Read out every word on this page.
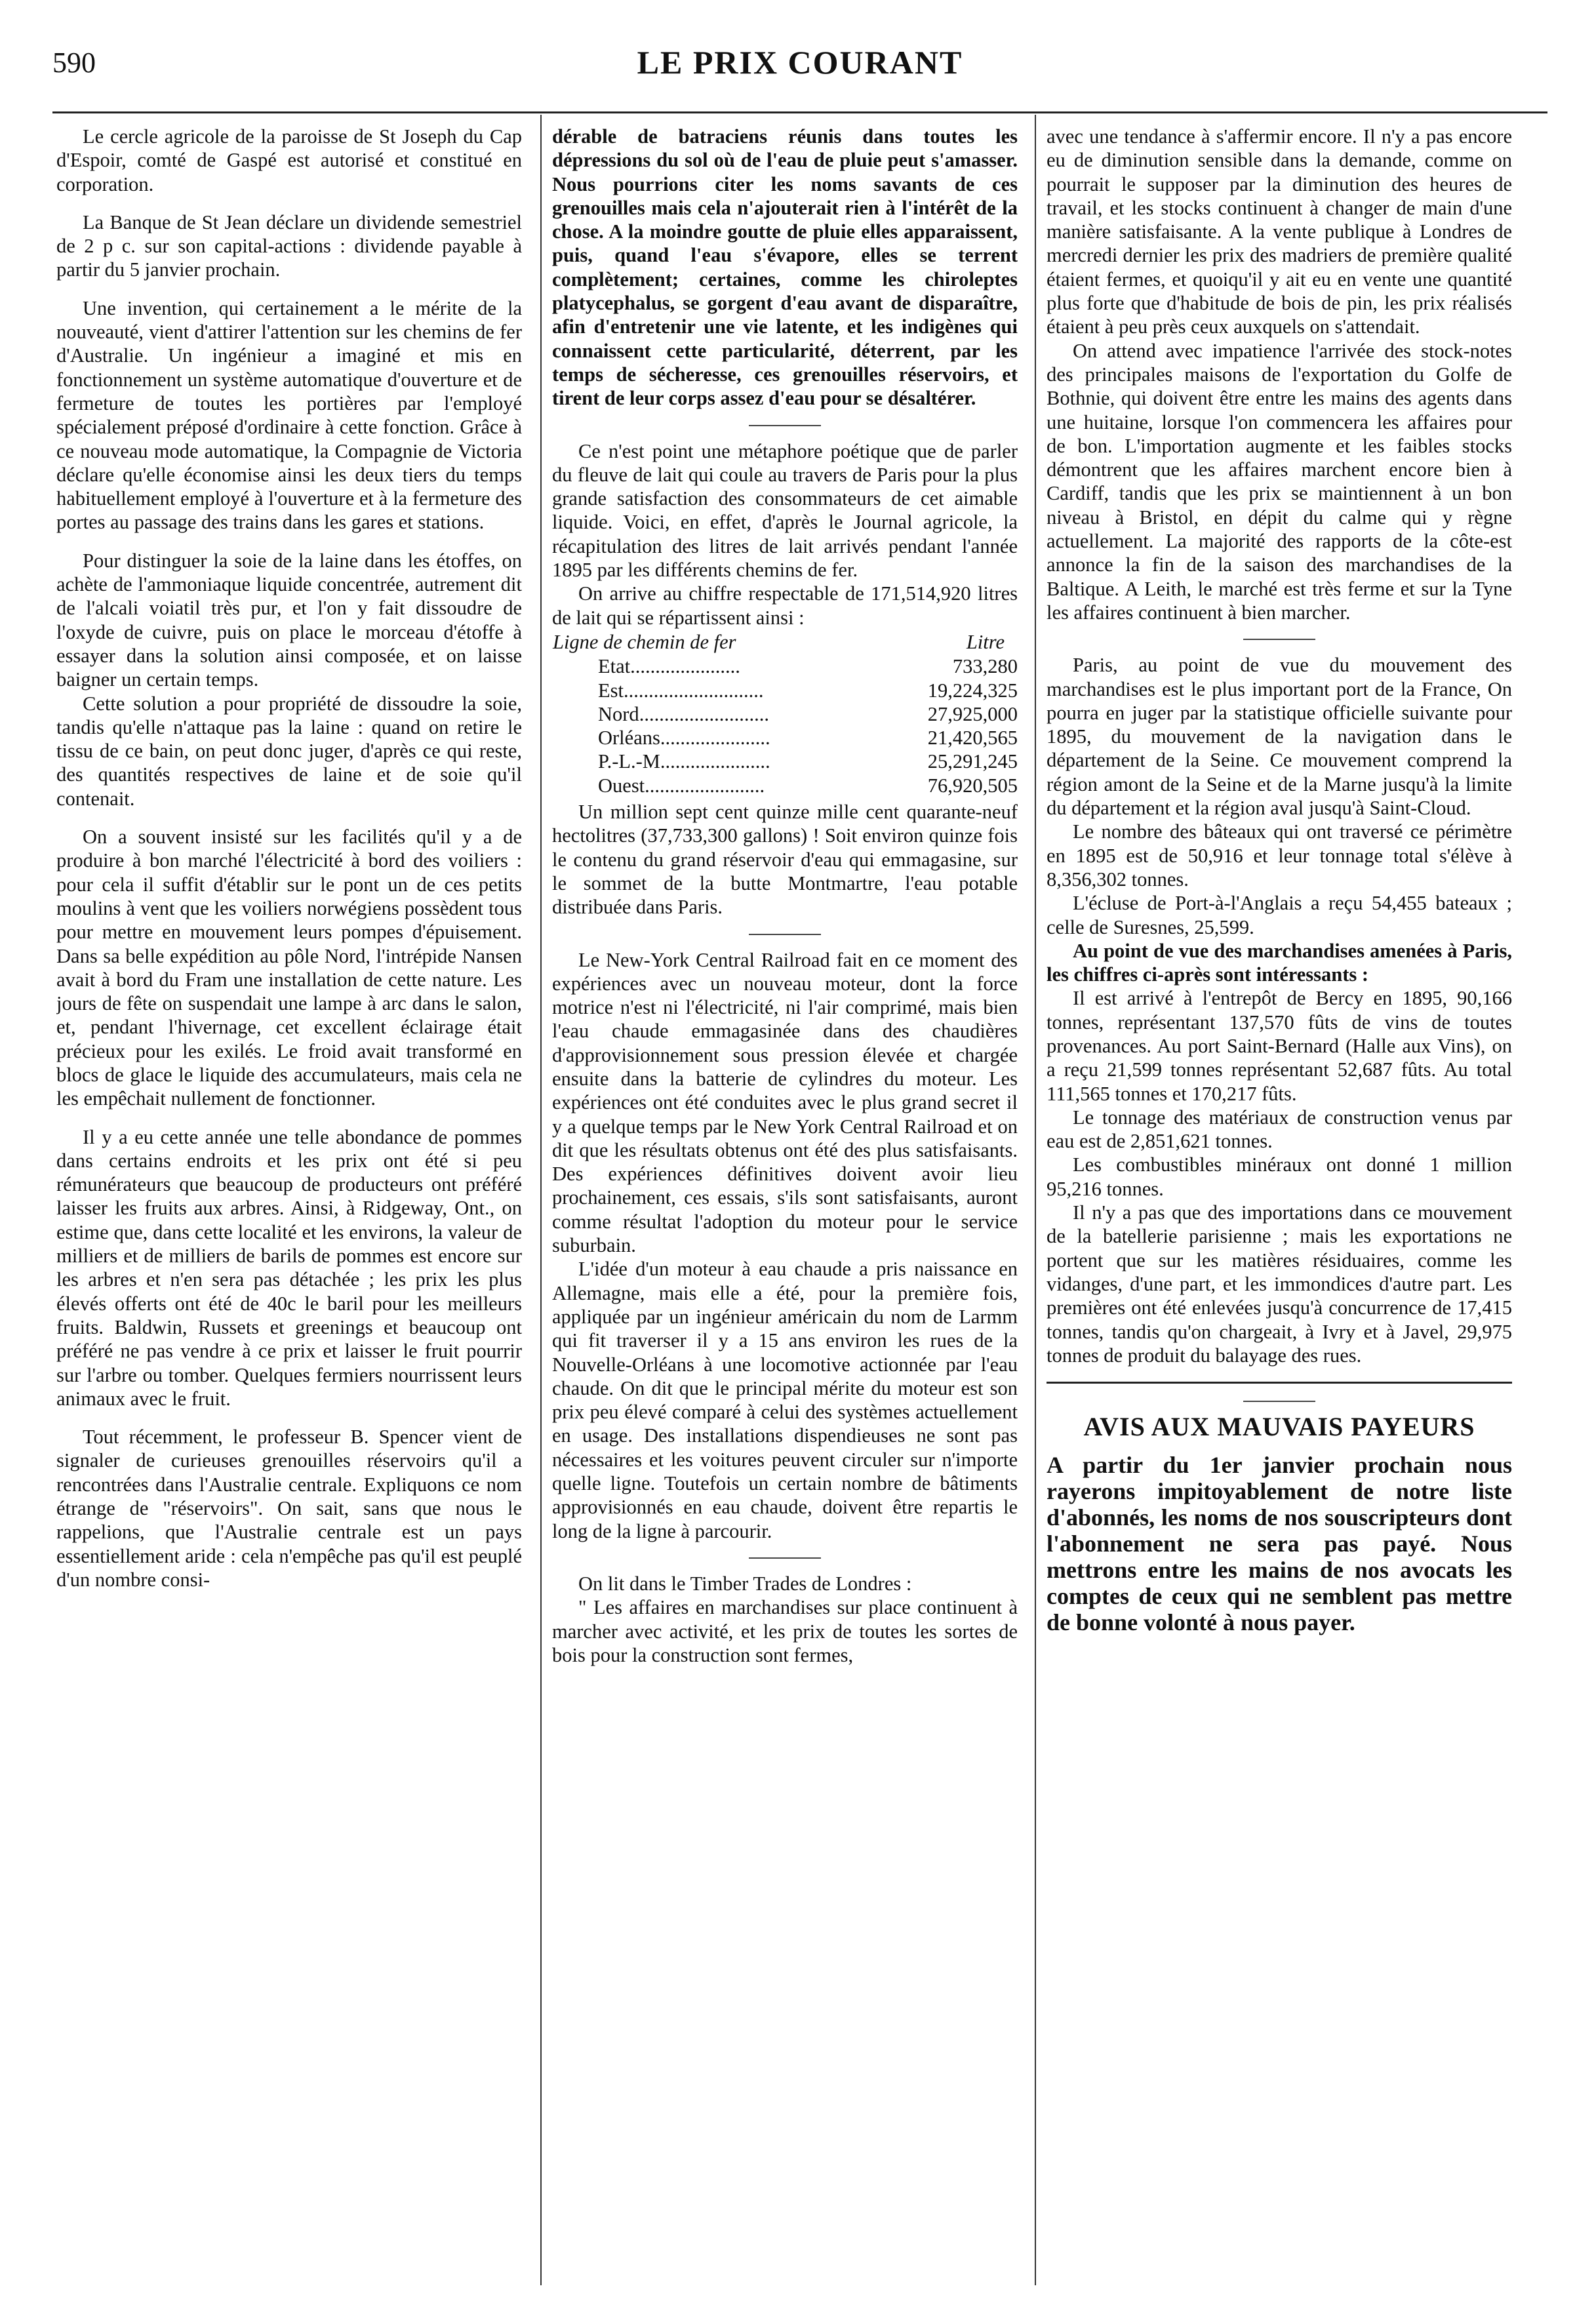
590	LE PRIX COURANT

Le cercle agricole de la paroisse de St Joseph du Cap d'Espoir, comté de Gaspé est autorisé et constitué en corporation.

La Banque de St Jean déclare un dividende semestriel de 2 p c. sur son capital-actions : dividende payable à partir du 5 janvier prochain.

Une invention, qui certainement a le mérite de la nouveauté, vient d'attirer l'attention sur les chemins de fer d'Australie. Un ingénieur a imaginé et mis en fonctionnement un système automatique d'ouverture et de fermeture de toutes les portières par l'employé spécialement préposé d'ordinaire à cette fonction. Grâce à ce nouveau mode automatique, la Compagnie de Victoria déclare qu'elle économise ainsi les deux tiers du temps habituellement employé à l'ouverture et à la fermeture des portes au passage des trains dans les gares et stations.

Pour distinguer la soie de la laine dans les étoffes, on achète de l'ammoniaque liquide concentrée, autrement dit de l'alcali voiatil très pur, et l'on y fait dissoudre de l'oxyde de cuivre, puis on place le morceau d'étoffe à essayer dans la solution ainsi composée, et on laisse baigner un certain temps.

Cette solution a pour propriété de dissoudre la soie, tandis qu'elle n'attaque pas la laine : quand on retire le tissu de ce bain, on peut donc juger, d'après ce qui reste, des quantités respectives de laine et de soie qu'il contenait.

On a souvent insisté sur les facilités qu'il y a de produire à bon marché l'électricité à bord des voiliers : pour cela il suffit d'établir sur le pont un de ces petits moulins à vent que les voiliers norwégiens possèdent tous pour mettre en mouvement leurs pompes d'épuisement. Dans sa belle expédition au pôle Nord, l'intrépide Nansen avait à bord du Fram une installation de cette nature. Les jours de fête on suspendait une lampe à arc dans le salon, et, pendant l'hivernage, cet excellent éclairage était précieux pour les exilés. Le froid avait transformé en blocs de glace le liquide des accumulateurs, mais cela ne les empêchait nullement de fonctionner.

Il y a eu cette année une telle abondance de pommes dans certains endroits et les prix ont été si peu rémunérateurs que beaucoup de producteurs ont préféré laisser les fruits aux arbres. Ainsi, à Ridgeway, Ont., on estime que, dans cette localité et les environs, la valeur de milliers et de milliers de barils de pommes est encore sur les arbres et n'en sera pas détachée ; les prix les plus élevés offerts ont été de 40c le baril pour les meilleurs fruits. Baldwin, Russets et greenings et beaucoup ont préféré ne pas vendre à ce prix et laisser le fruit pourrir sur l'arbre ou tomber. Quelques fermiers nourrissent leurs animaux avec le fruit.

Tout récemment, le professeur B. Spencer vient de signaler de curieuses grenouilles réservoirs qu'il a rencontrées dans l'Australie centrale. Expliquons ce nom étrange de "réservoirs". On sait, sans que nous le rappelions, que l'Australie centrale est un pays essentiellement aride : cela n'empêche pas qu'il est peuplé d'un nombre consi-

dérable de batraciens réunis dans toutes les dépressions du sol où de l'eau de pluie peut s'amasser. Nous pourrions citer les noms savants de ces grenouilles mais cela n'ajouterait rien à l'intérêt de la chose. A la moindre goutte de pluie elles apparaissent, puis, quand l'eau s'évapore, elles se terrent complètement; certaines, comme les chiroleptes platycephalus, se gorgent d'eau avant de disparaître, afin d'entretenir une vie latente, et les indigènes qui connaissent cette particularité, déterrent, par les temps de sécheresse, ces grenouilles réservoirs, et tirent de leur corps assez d'eau pour se désaltérer.

Ce n'est point une métaphore poétique que de parler du fleuve de lait qui coule au travers de Paris pour la plus grande satisfaction des consommateurs de cet aimable liquide. Voici, en effet, d'après le Journal agricole, la récapitulation des litres de lait arrivés pendant l'année 1895 par les différents chemins de fer.

On arrive au chiffre respectable de 171,514,920 litres de lait qui se répartissent ainsi :

Ligne de chemin de fer	Litre
Etat......................	733,280
Est............................	19,224,325
Nord..........................	27,925,000
Orléans......................	21,420,565
P.-L.-M......................	25,291,245
Ouest........................	76,920,505

Un million sept cent quinze mille cent quarante-neuf hectolitres (37,733,300 gallons) ! Soit environ quinze fois le contenu du grand réservoir d'eau qui emmagasine, sur le sommet de la butte Montmartre, l'eau potable distribuée dans Paris.

Le New-York Central Railroad fait en ce moment des expériences avec un nouveau moteur, dont la force motrice n'est ni l'électricité, ni l'air comprimé, mais bien l'eau chaude emmagasinée dans des chaudières d'approvisionnement sous pression élevée et chargée ensuite dans la batterie de cylindres du moteur. Les expériences ont été conduites avec le plus grand secret il y a quelque temps par le New York Central Railroad et on dit que les résultats obtenus ont été des plus satisfaisants. Des expériences définitives doivent avoir lieu prochainement, ces essais, s'ils sont satisfaisants, auront comme résultat l'adoption du moteur pour le service suburbain.

L'idée d'un moteur à eau chaude a pris naissance en Allemagne, mais elle a été, pour la première fois, appliquée par un ingénieur américain du nom de Larmm qui fit traverser il y a 15 ans environ les rues de la Nouvelle-Orléans à une locomotive actionnée par l'eau chaude. On dit que le principal mérite du moteur est son prix peu élevé comparé à celui des systèmes actuellement en usage. Des installations dispendieuses ne sont pas nécessaires et les voitures peuvent circuler sur n'importe quelle ligne. Toutefois un certain nombre de bâtiments approvisionnés en eau chaude, doivent être repartis le long de la ligne à parcourir.

On lit dans le Timber Trades de Londres :

" Les affaires en marchandises sur place continuent à marcher avec activité, et les prix de toutes les sortes de bois pour la construction sont fermes,

avec une tendance à s'affermir encore. Il n'y a pas encore eu de diminution sensible dans la demande, comme on pourrait le supposer par la diminution des heures de travail, et les stocks continuent à changer de main d'une manière satisfaisante. A la vente publique à Londres de mercredi dernier les prix des madriers de première qualité étaient fermes, et quoiqu'il y ait eu en vente une quantité plus forte que d'habitude de bois de pin, les prix réalisés étaient à peu près ceux auxquels on s'attendait.

On attend avec impatience l'arrivée des stock-notes des principales maisons de l'exportation du Golfe de Bothnie, qui doivent être entre les mains des agents dans une huitaine, lorsque l'on commencera les affaires pour de bon. L'importation augmente et les faibles stocks démontrent que les affaires marchent encore bien à Cardiff, tandis que les prix se maintiennent à un bon niveau à Bristol, en dépit du calme qui y règne actuellement. La majorité des rapports de la côte-est annonce la fin de la saison des marchandises de la Baltique. A Leith, le marché est très ferme et sur la Tyne les affaires continuent à bien marcher.

Paris, au point de vue du mouvement des marchandises est le plus important port de la France, On pourra en juger par la statistique officielle suivante pour 1895, du mouvement de la navigation dans le département de la Seine. Ce mouvement comprend la région amont de la Seine et de la Marne jusqu'à la limite du département et la région aval jusqu'à Saint-Cloud.

Le nombre des bâteaux qui ont traversé ce périmètre en 1895 est de 50,916 et leur tonnage total s'élève à 8,356,302 tonnes.

L'écluse de Port-à-l'Anglais a reçu 54,455 bateaux ; celle de Suresnes, 25,599.

Au point de vue des marchandises amenées à Paris, les chiffres ci-après sont intéressants :

Il est arrivé à l'entrepôt de Bercy en 1895, 90,166 tonnes, représentant 137,570 fûts de vins de toutes provenances. Au port Saint-Bernard (Halle aux Vins), on a reçu 21,599 tonnes représentant 52,687 fûts. Au total 111,565 tonnes et 170,217 fûts.

Le tonnage des matériaux de construction venus par eau est de 2,851,621 tonnes.

Les combustibles minéraux ont donné 1 million 95,216 tonnes.

Il n'y a pas que des importations dans ce mouvement de la batellerie parisienne ; mais les exportations ne portent que sur les matières résiduaires, comme les vidanges, d'une part, et les immondices d'autre part. Les premières ont été enlevées jusqu'à concurrence de 17,415 tonnes, tandis qu'on chargeait, à Ivry et à Javel, 29,975 tonnes de produit du balayage des rues.

AVIS AUX MAUVAIS PAYEURS
A partir du 1er janvier prochain nous rayerons impitoyablement de notre liste d'abonnés, les noms de nos souscripteurs dont l'abonnement ne sera pas payé. Nous mettrons entre les mains de nos avocats les comptes de ceux qui ne semblent pas mettre de bonne volonté à nous payer.
